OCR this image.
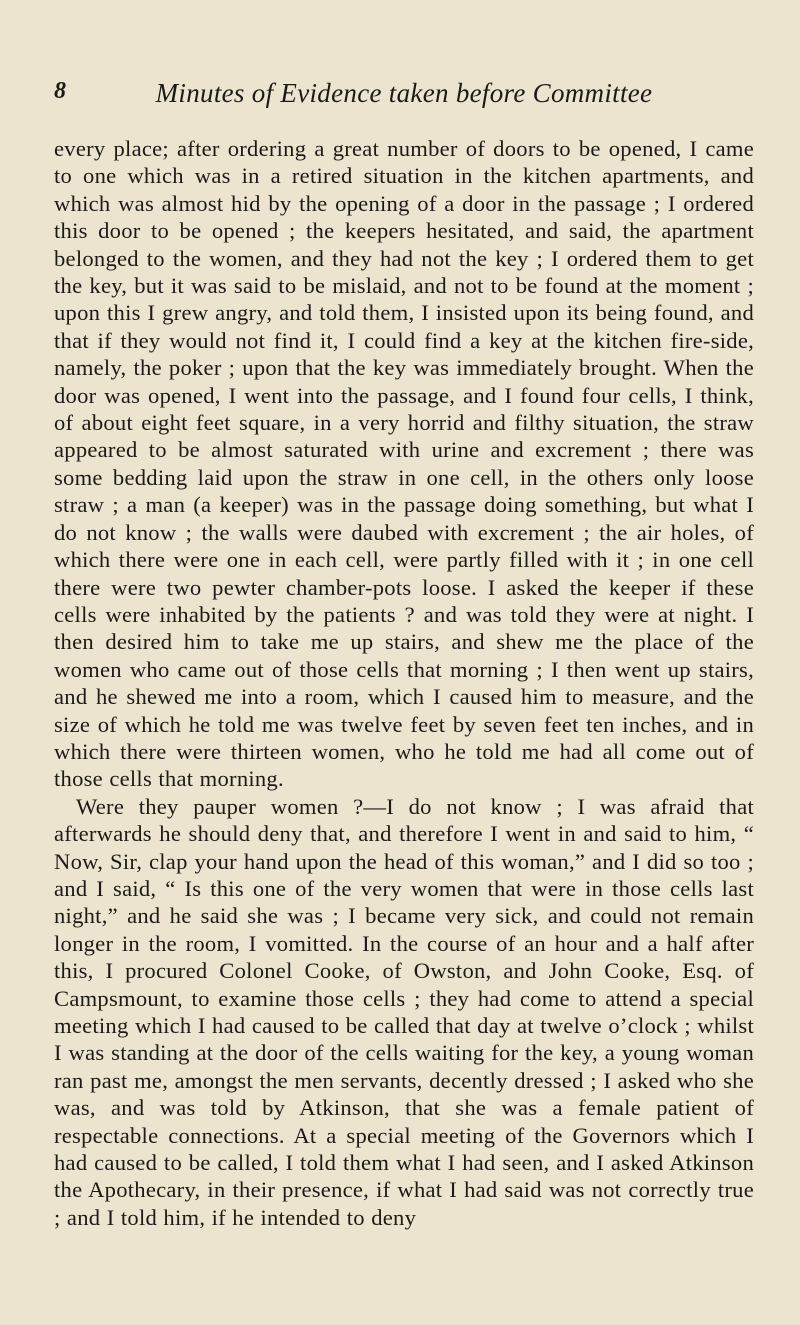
8	Minutes of Evidence taken before Committee

every place; after ordering a great number of doors to be opened, I came to one which was in a retired situation in the kitchen apartments, and which was almost hid by the opening of a door in the passage ; I ordered this door to be opened ; the keepers hesitated, and said, the apartment belonged to the women, and they had not the key ; I ordered them to get the key, but it was said to be mislaid, and not to be found at the moment ; upon this I grew angry, and told them, I insisted upon its being found, and that if they would not find it, I could find a key at the kitchen fire-side, namely, the poker ; upon that the key was immediately brought. When the door was opened, I went into the passage, and I found four cells, I think, of about eight feet square, in a very horrid and filthy situation, the straw appeared to be almost saturated with urine and excrement ; there was some bedding laid upon the straw in one cell, in the others only loose straw ; a man (a keeper) was in the passage doing something, but what I do not know ; the walls were daubed with excrement ; the air holes, of which there were one in each cell, were partly filled with it ; in one cell there were two pewter chamber-pots loose. I asked the keeper if these cells were inhabited by the patients ? and was told they were at night. I then desired him to take me up stairs, and shew me the place of the women who came out of those cells that morning ; I then went up stairs, and he shewed me into a room, which I caused him to measure, and the size of which he told me was twelve feet by seven feet ten inches, and in which there were thirteen women, who he told me had all come out of those cells that morning.

Were they pauper women ?—I do not know ; I was afraid that afterwards he should deny that, and therefore I went in and said to him, “ Now, Sir, clap your hand upon the head of this woman,” and I did so too ; and I said, “ Is this one of the very women that were in those cells last night,” and he said she was ; I became very sick, and could not remain longer in the room, I vomitted. In the course of an hour and a half after this, I procured Colonel Cooke, of Owston, and John Cooke, Esq. of Campsmount, to examine those cells ; they had come to attend a special meeting which I had caused to be called that day at twelve o’clock ; whilst I was standing at the door of the cells waiting for the key, a young woman ran past me, amongst the men servants, decently dressed ; I asked who she was, and was told by Atkinson, that she was a female patient of respectable connections. At a special meeting of the Governors which I had caused to be called, I told them what I had seen, and I asked Atkinson the Apothecary, in their presence, if what I had said was not correctly true ; and I told him, if he intended to deny
